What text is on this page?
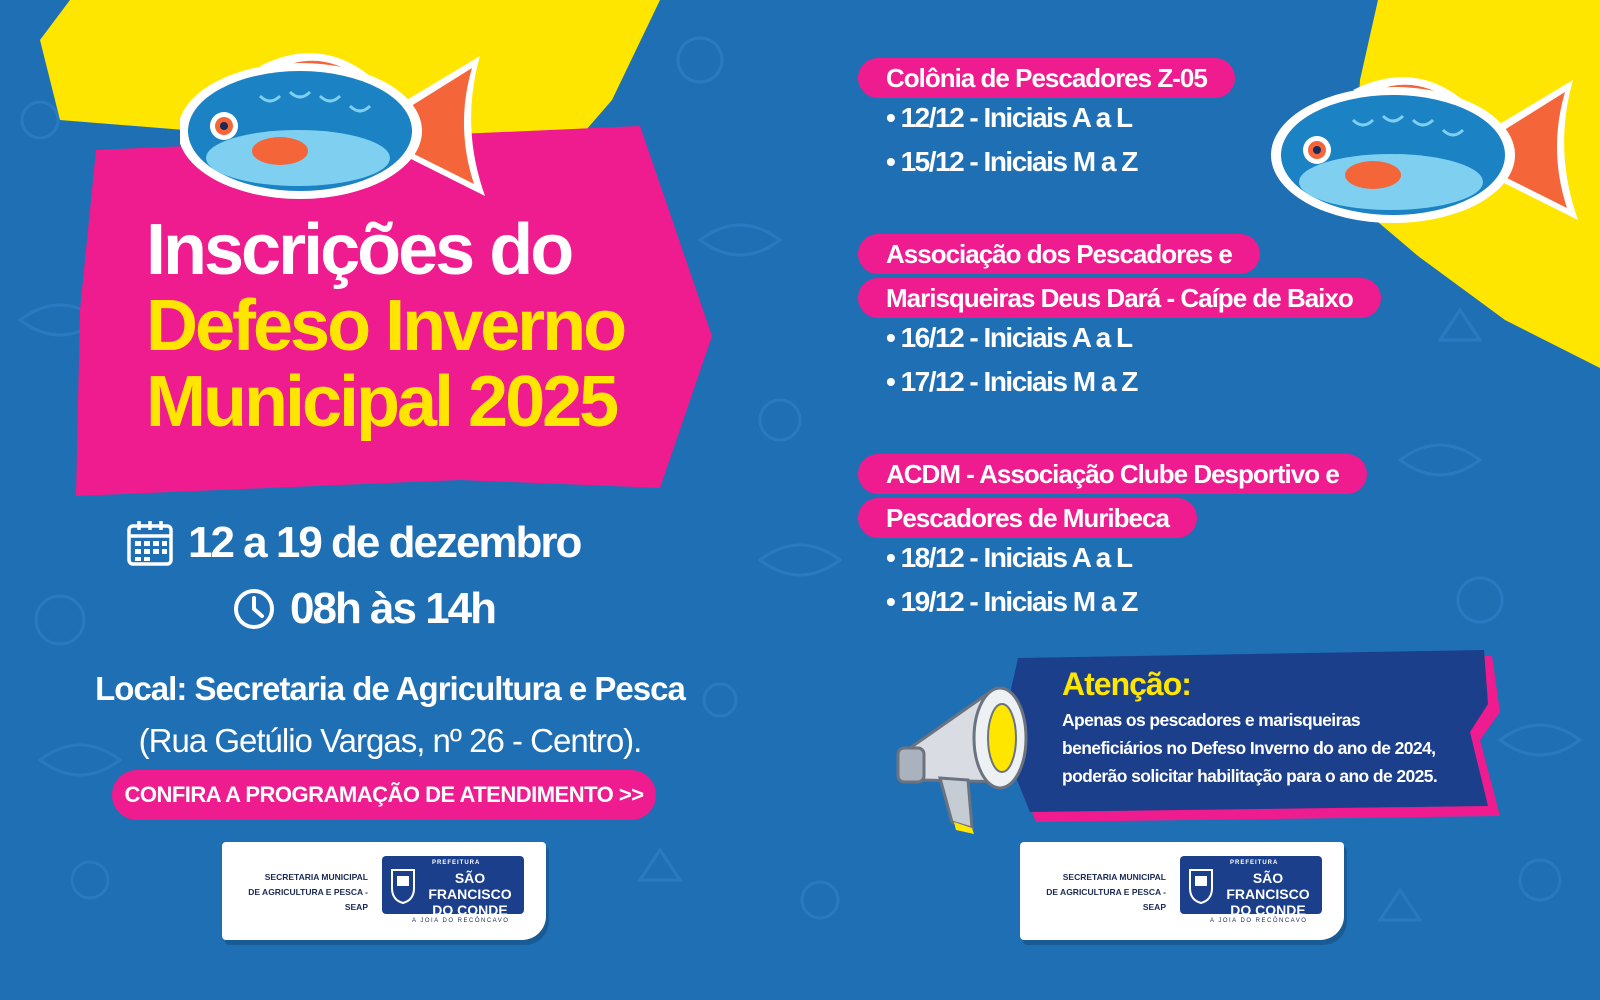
Inscrições do
Defeso Inverno
Municipal 2025
12 a 19 de dezembro
08h às 14h
Local: Secretaria de Agricultura e Pesca
(Rua Getúlio Vargas, nº 26 - Centro).
CONFIRA A PROGRAMAÇÃO DE ATENDIMENTO >>
SECRETARIA MUNICIPAL
DE AGRICULTURA E PESCA - SEAP
PREFEITURA
SÃO FRANCISCO
DO CONDE
A JOIA DO RECÔNCAVO
SECRETARIA MUNICIPAL
DE AGRICULTURA E PESCA - SEAP
PREFEITURA
SÃO FRANCISCO
DO CONDE
A JOIA DO RECÔNCAVO
Colônia de Pescadores Z-05
• 12/12 - Iniciais A a L
• 15/12 - Iniciais M a Z
Associação dos Pescadores e
Marisqueiras Deus Dará - Caípe de Baixo
• 16/12 - Iniciais A a L
• 17/12 - Iniciais M a Z
ACDM - Associação Clube Desportivo e
Pescadores de Muribeca
• 18/12 - Iniciais A a L
• 19/12 - Iniciais M a Z
Atenção:
Apenas os pescadores e marisqueiras beneficiários no Defeso Inverno do ano de 2024, poderão solicitar habilitação para o ano de 2025.
